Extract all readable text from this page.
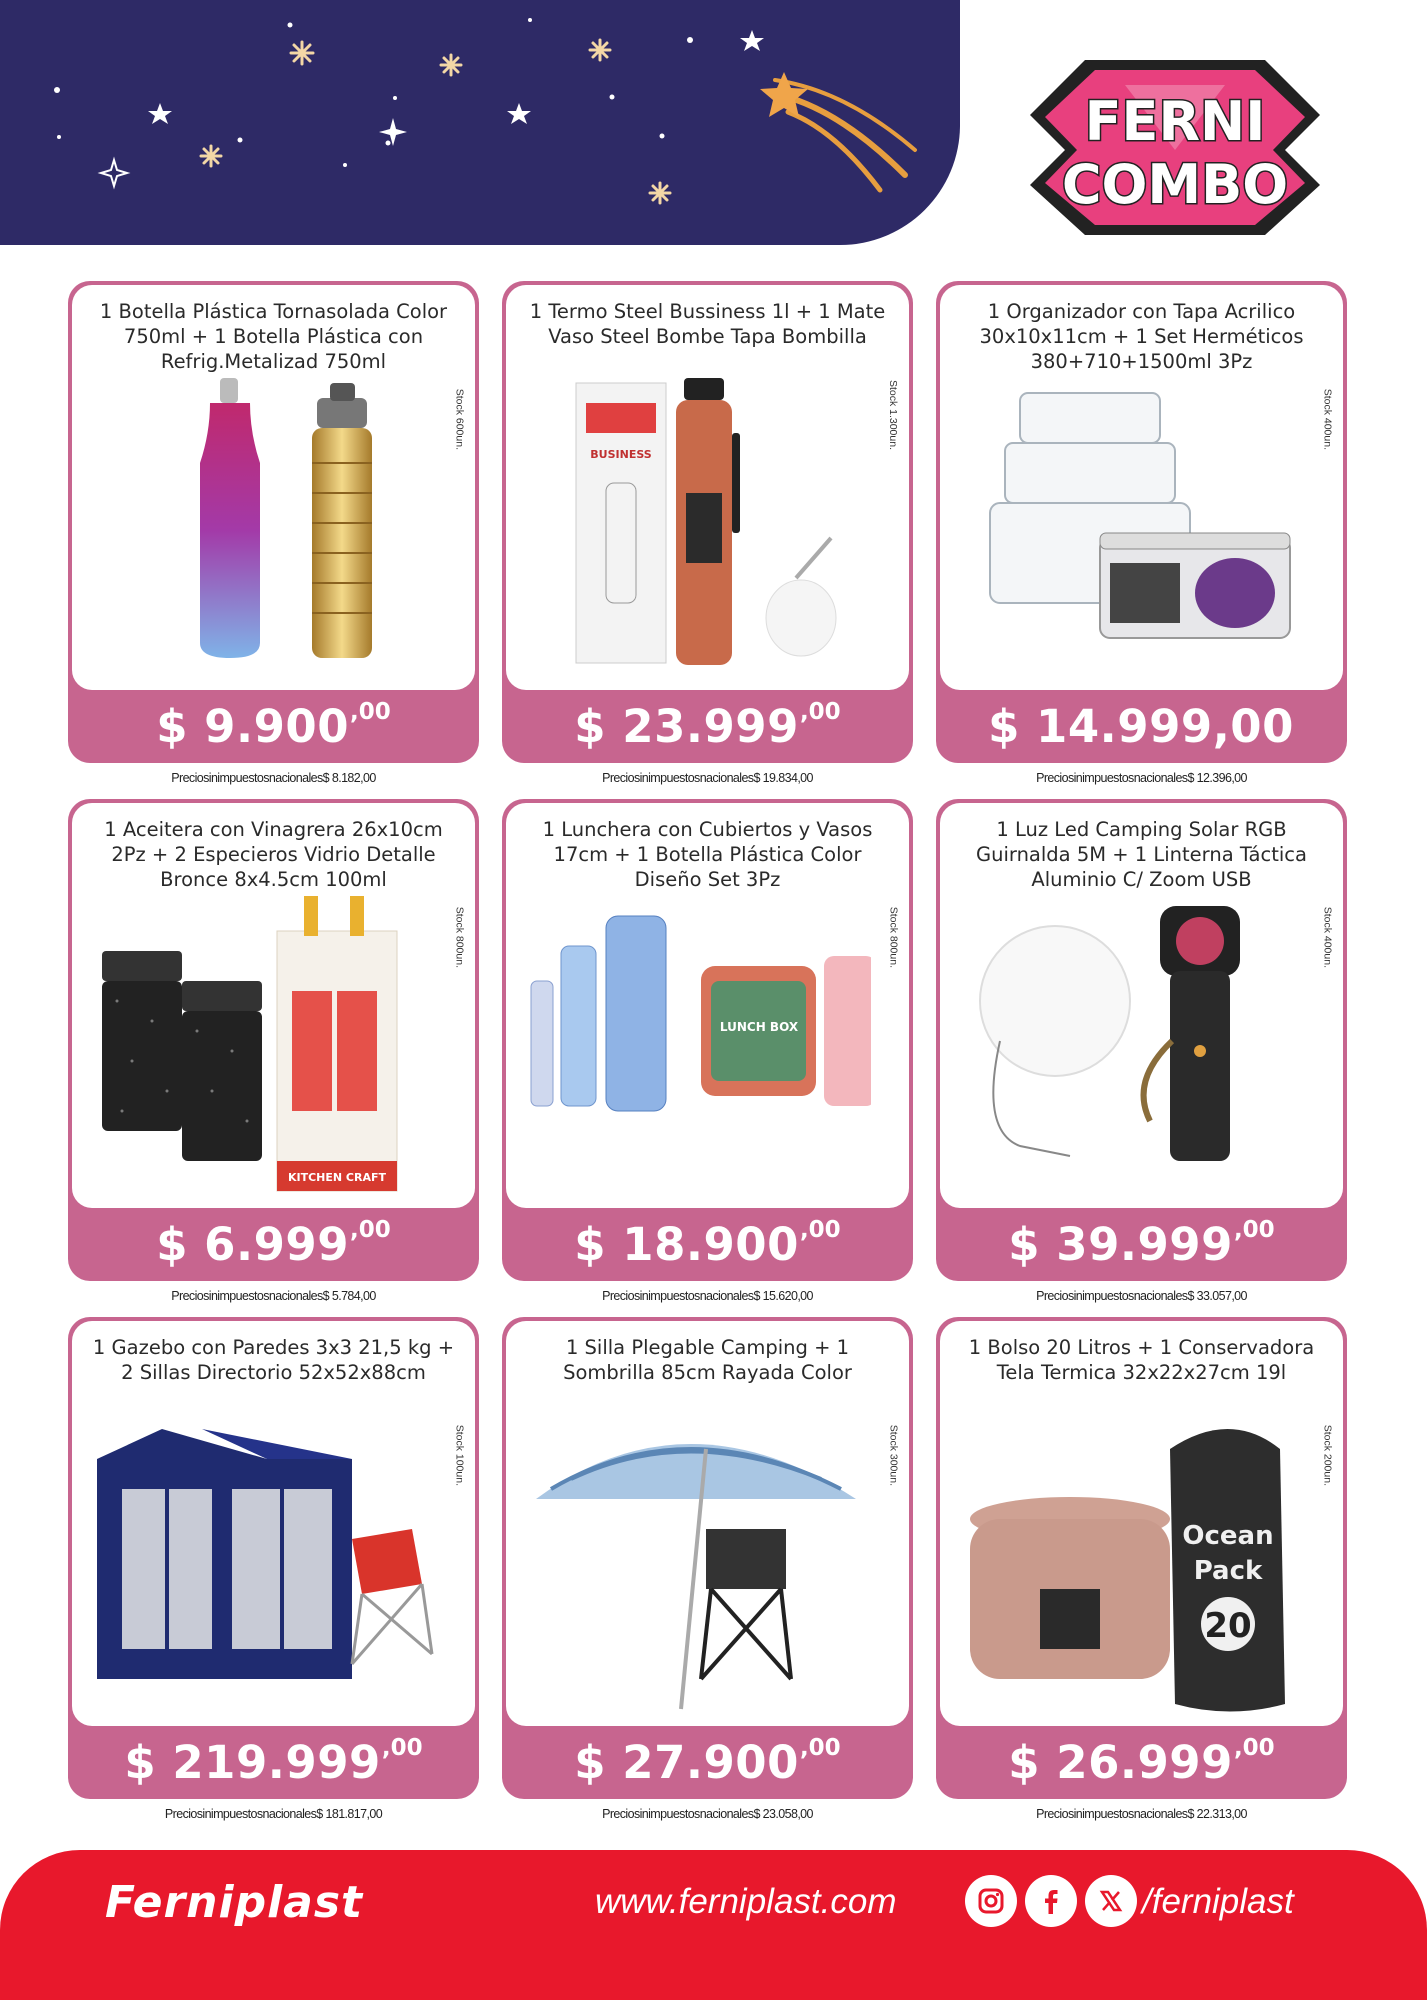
FERNI
COMBO
1 Botella Plástica Tornasolada Color 750ml + 1 Botella Plástica con Refrig.Metalizad 750ml
Stock 600un.
$ 9.900 ,00
Preciosinimpuestosnacionales$ 8.182,00
1 Termo Steel Bussiness 1l + 1 Mate Vaso Steel Bombe Tapa Bombilla
Stock 1.300un.
BUSINESS
$ 23.999 ,00
Preciosinimpuestosnacionales$ 19.834,00
1 Organizador con Tapa Acrilico 30x10x11cm + 1 Set Herméticos 380+710+1500ml 3Pz
Stock 400un.
$ 14.999,00
Preciosinimpuestosnacionales$ 12.396,00
1 Aceitera con Vinagrera 26x10cm 2Pz + 2 Especieros Vidrio Detalle Bronce 8x4.5cm 100ml
Stock 800un.
KITCHEN CRAFT
$ 6.999 ,00
Preciosinimpuestosnacionales$ 5.784,00
1 Lunchera con Cubiertos y Vasos 17cm + 1 Botella Plástica Color Diseño Set 3Pz
Stock 800un.
LUNCH BOX
$ 18.900 ,00
Preciosinimpuestosnacionales$ 15.620,00
1 Luz Led Camping Solar RGB Guirnalda 5M + 1 Linterna Táctica Aluminio C/ Zoom USB
Stock 400un.
$ 39.999 ,00
Preciosinimpuestosnacionales$ 33.057,00
1 Gazebo con Paredes 3x3 21,5 kg + 2 Sillas Directorio 52x52x88cm
Stock 100un.
$ 219.999 ,00
Preciosinimpuestosnacionales$ 181.817,00
1 Silla Plegable Camping + 1 Sombrilla 85cm Rayada Color
Stock 300un.
$ 27.900 ,00
Preciosinimpuestosnacionales$ 23.058,00
1 Bolso 20 Litros + 1 Conservadora Tela Termica 32x22x27cm 19l
Stock 200un.
Ocean
Pack
20
$ 26.999 ,00
Preciosinimpuestosnacionales$ 22.313,00
Ferniplast	www.ferniplast.com	/ferniplast
